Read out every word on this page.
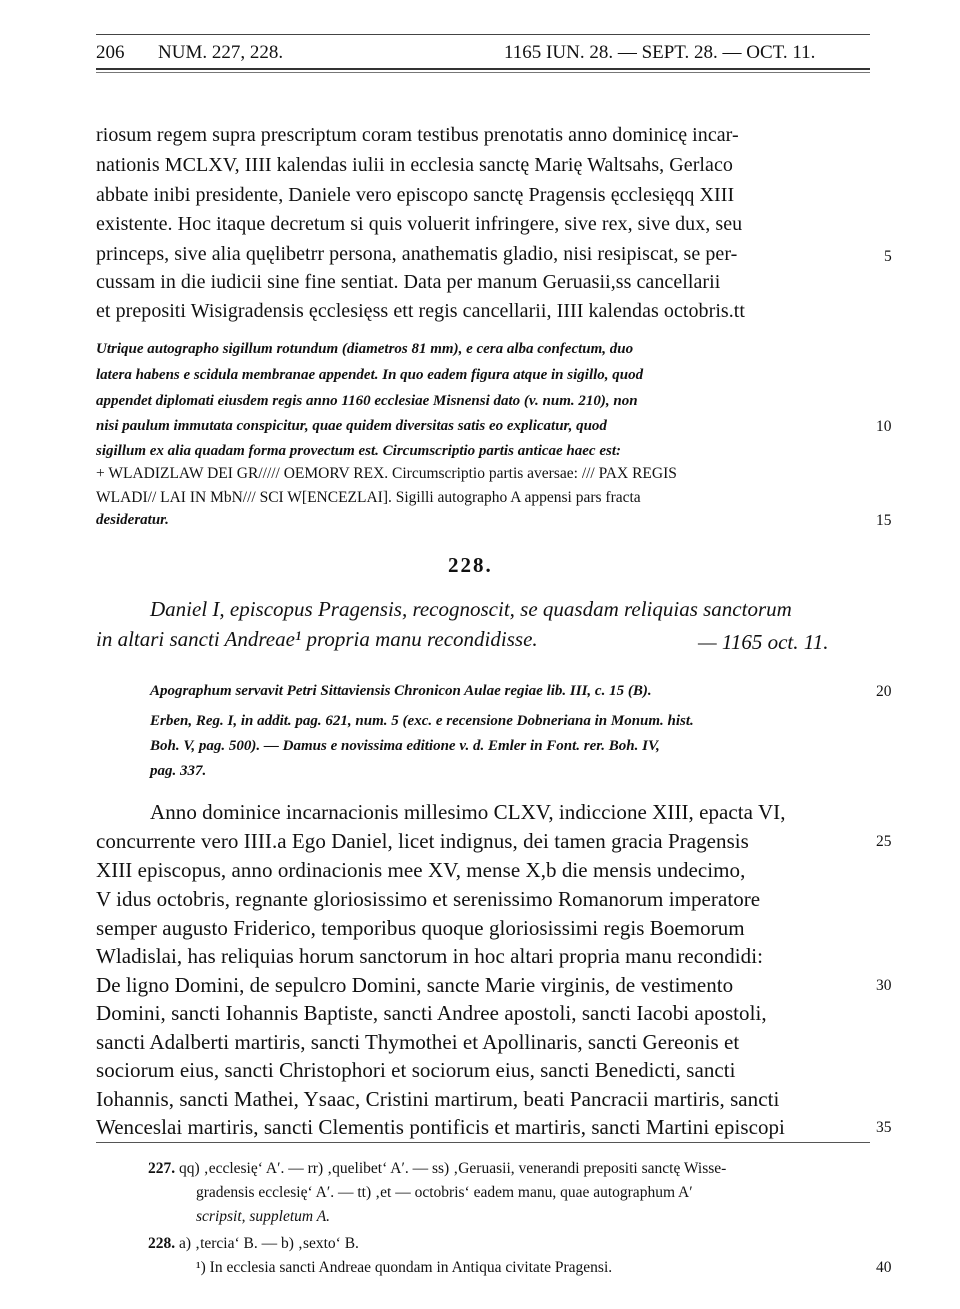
206 NUM. 227, 228.	1165 IUN. 28. — SEPT. 28. — OCT. 11.
riosum regem supra prescriptum coram testibus prenotatis anno dominicę incar-
nationis MCLXV, IIII kalendas iulii in ecclesia sanctę Marię Waltsahs, Gerlaco
abbate inibi presidente, Daniele vero episcopo sanctę Pragensis ęcclesięqq XIII
existente. Hoc itaque decretum si quis voluerit infringere, sive rex, sive dux, seu
princeps, sive alia quęlibetrr persona, anathematis gladio, nisi resipiscat, se per-
cussam in die iudicii sine fine sentiat. Data per manum Geruasii,ss cancellarii
et prepositi Wisigradensis ęcclesięss ett regis cancellarii, IIII kalendas octobris.tt
5
Utrique autographo sigillum rotundum (diametros 81 mm), e cera alba confectum, duo
latera habens e scidula membranae appendet. In quo eadem figura atque in sigillo, quod
appendet diplomati eiusdem regis anno 1160 ecclesiae Misnensi dato (v. num. 210), non
nisi paulum immutata conspicitur, quae quidem diversitas satis eo explicatur, quod
sigillum ex alia quadam forma provectum est. Circumscriptio partis anticae haec est:
+ WLADIZLAW DEI GR///// OEMORV REX. Circumscriptio partis aversae: /// PAX REGIS
WLADI// LAI IN MbN/// SCI W[ENCEZLAI]. Sigilli autographo A appensi pars fracta
desideratur.
10
15
228.
Daniel I, episcopus Pragensis, recognoscit, se quasdam reliquias sanctorum
in altari sancti Andreae¹ propria manu recondidisse.	— 1165 oct. 11.
Apographum servavit Petri Sittaviensis Chronicon Aulae regiae lib. III, c. 15 (B).
Erben, Reg. I, in addit. pag. 621, num. 5 (exc. e recensione Dobneriana in Monum. hist.
Boh. V, pag. 500). — Damus e novissima editione v. d. Emler in Font. rer. Boh. IV,
pag. 337.
20
Anno dominice incarnacionis millesimo CLXV, indiccione XIII, epacta VI,
concurrente vero IIII.a Ego Daniel, licet indignus, dei tamen gracia Pragensis
XIII episcopus, anno ordinacionis mee XV, mense X,b die mensis undecimo,
V idus octobris, regnante gloriosissimo et serenissimo Romanorum imperatore
semper augusto Friderico, temporibus quoque gloriosissimi regis Boemorum
Wladislai, has reliquias horum sanctorum in hoc altari propria manu recondidi:
De ligno Domini, de sepulcro Domini, sancte Marie virginis, de vestimento
Domini, sancti Iohannis Baptiste, sancti Andree apostoli, sancti Iacobi apostoli,
sancti Adalberti martiris, sancti Thymothei et Apollinaris, sancti Gereonis et
sociorum eius, sancti Christophori et sociorum eius, sancti Benedicti, sancti
Iohannis, sancti Mathei, Ysaac, Cristini martirum, beati Pancracii martiris, sancti
Wenceslai martiris, sancti Clementis pontificis et martiris, sancti Martini episcopi
25
30
35
227. qq) ‚ecclesię‘ A′. — rr) ‚quelibet‘ A′. — ss) ‚Geruasii, venerandi prepositi sanctę Wisse-
gradensis ecclesię‘ A′. — tt) ‚et — octobris‘ eadem manu, quae autographum A′
scripsit, suppletum A.
228. a) ‚tercia‘ B. — b) ‚sexto‘ B.
¹) In ecclesia sancti Andreae quondam in Antiqua civitate Pragensi.	40
